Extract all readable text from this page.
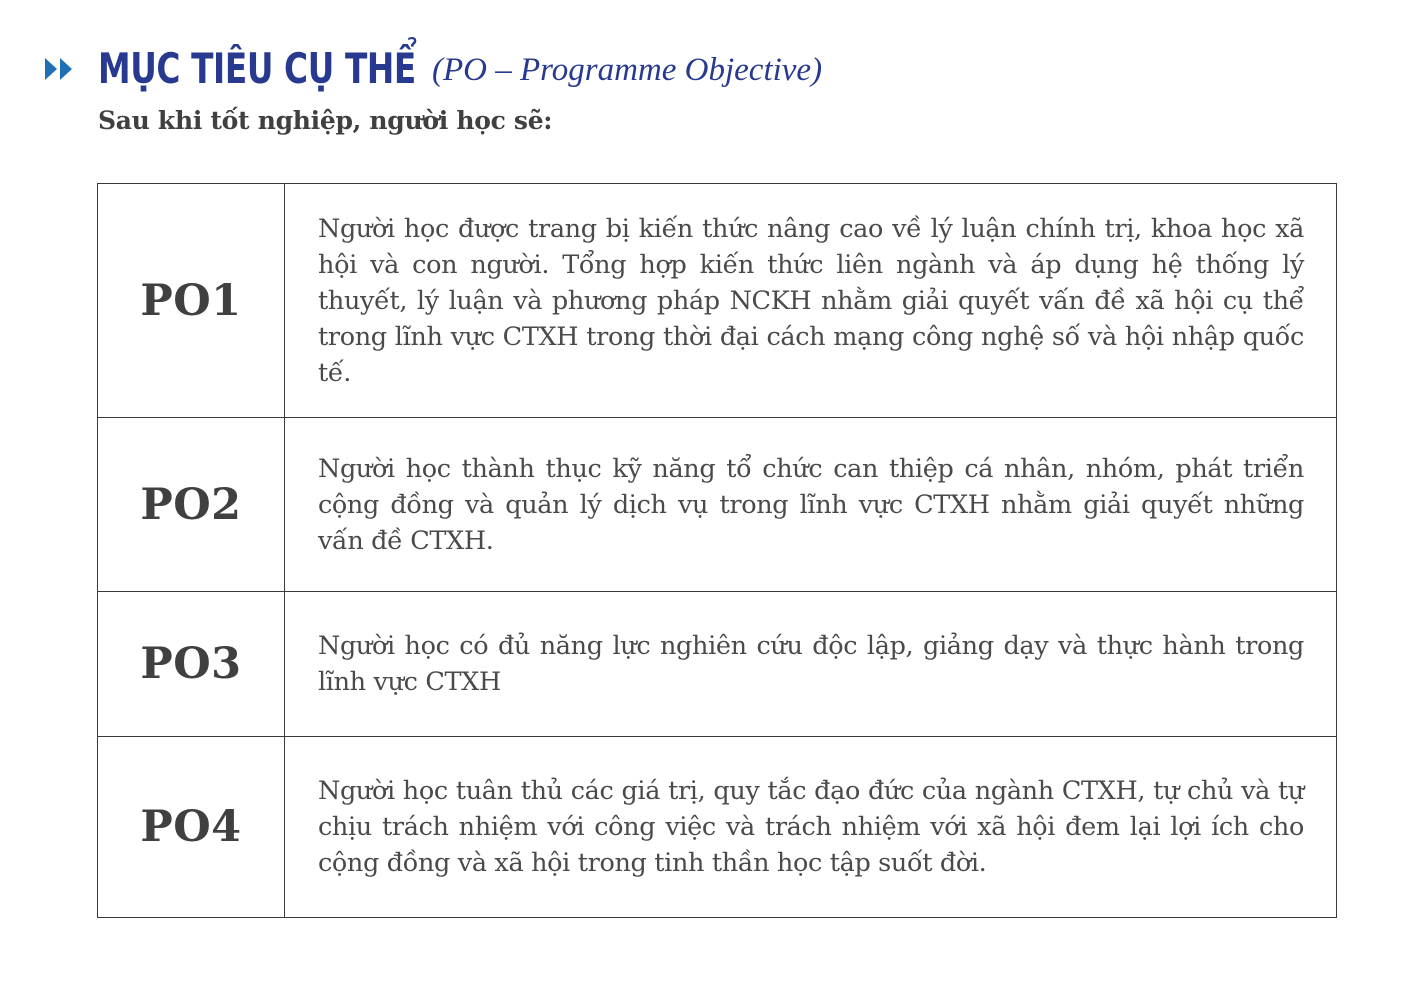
MỤC TIÊU CỤ THỂ (PO – Programme Objective)
Sau khi tốt nghiệp, người học sẽ:
PO1	Người học được trang bị kiến thức nâng cao về lý luận chính trị, khoa học xã hội và con người. Tổng hợp kiến thức liên ngành và áp dụng hệ thống lý thuyết, lý luận và phương pháp NCKH nhằm giải quyết vấn đề xã hội cụ thể trong lĩnh vực CTXH trong thời đại cách mạng công nghệ số và hội nhập quốc tế.

PO2	Người học thành thục kỹ năng tổ chức can thiệp cá nhân, nhóm, phát triển cộng đồng và quản lý dịch vụ trong lĩnh vực CTXH nhằm giải quyết những vấn đề CTXH.

PO3	Người học có đủ năng lực nghiên cứu độc lập, giảng dạy và thực hành trong lĩnh vực CTXH

PO4	Người học tuân thủ các giá trị, quy tắc đạo đức của ngành CTXH, tự chủ và tự chịu trách nhiệm với công việc và trách nhiệm với xã hội đem lại lợi ích cho cộng đồng và xã hội trong tinh thần học tập suốt đời.
